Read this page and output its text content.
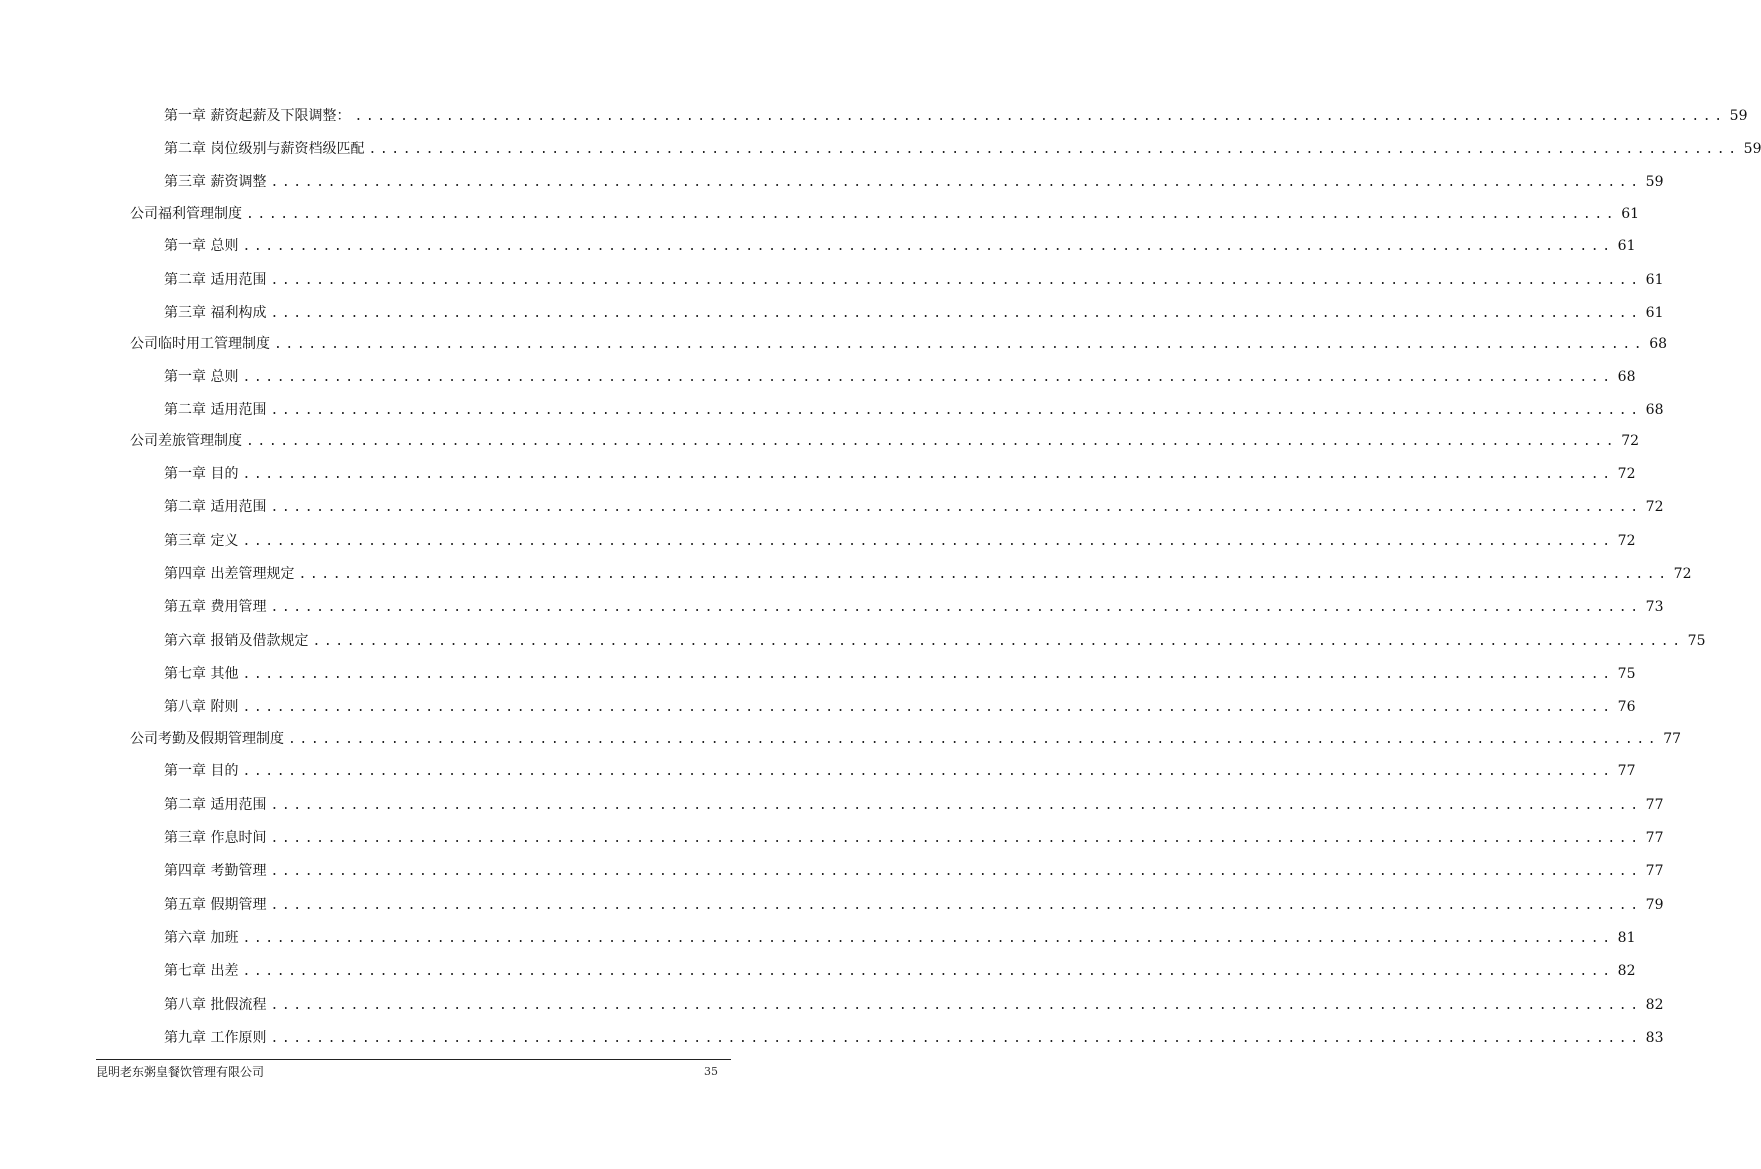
第一章 薪资起薪及下限调整： ........................................................................................................................ 59
第二章 岗位级别与薪资档级匹配 ........................................................................................................................ 59
第三章 薪资调整 ........................................................................................................................ 59
公司福利管理制度 ........................................................................................................................ 61
第一章 总则 ........................................................................................................................ 61
第二章 适用范围 ........................................................................................................................ 61
第三章 福利构成 ........................................................................................................................ 61
公司临时用工管理制度 ........................................................................................................................ 68
第一章 总则 ........................................................................................................................ 68
第二章 适用范围 ........................................................................................................................ 68
公司差旅管理制度 ........................................................................................................................ 72
第一章 目的 ........................................................................................................................ 72
第二章 适用范围 ........................................................................................................................ 72
第三章 定义 ........................................................................................................................ 72
第四章 出差管理规定 ........................................................................................................................ 72
第五章 费用管理 ........................................................................................................................ 73
第六章 报销及借款规定 ........................................................................................................................ 75
第七章 其他 ........................................................................................................................ 75
第八章 附则 ........................................................................................................................ 76
公司考勤及假期管理制度 ........................................................................................................................ 77
第一章 目的 ........................................................................................................................ 77
第二章 适用范围 ........................................................................................................................ 77
第三章 作息时间 ........................................................................................................................ 77
第四章 考勤管理 ........................................................................................................................ 77
第五章 假期管理 ........................................................................................................................ 79
第六章 加班 ........................................................................................................................ 81
第七章 出差 ........................................................................................................................ 82
第八章 批假流程 ........................................................................................................................ 82
第九章 工作原则 ........................................................................................................................ 83
昆明老东粥皇餐饮管理有限公司	35
